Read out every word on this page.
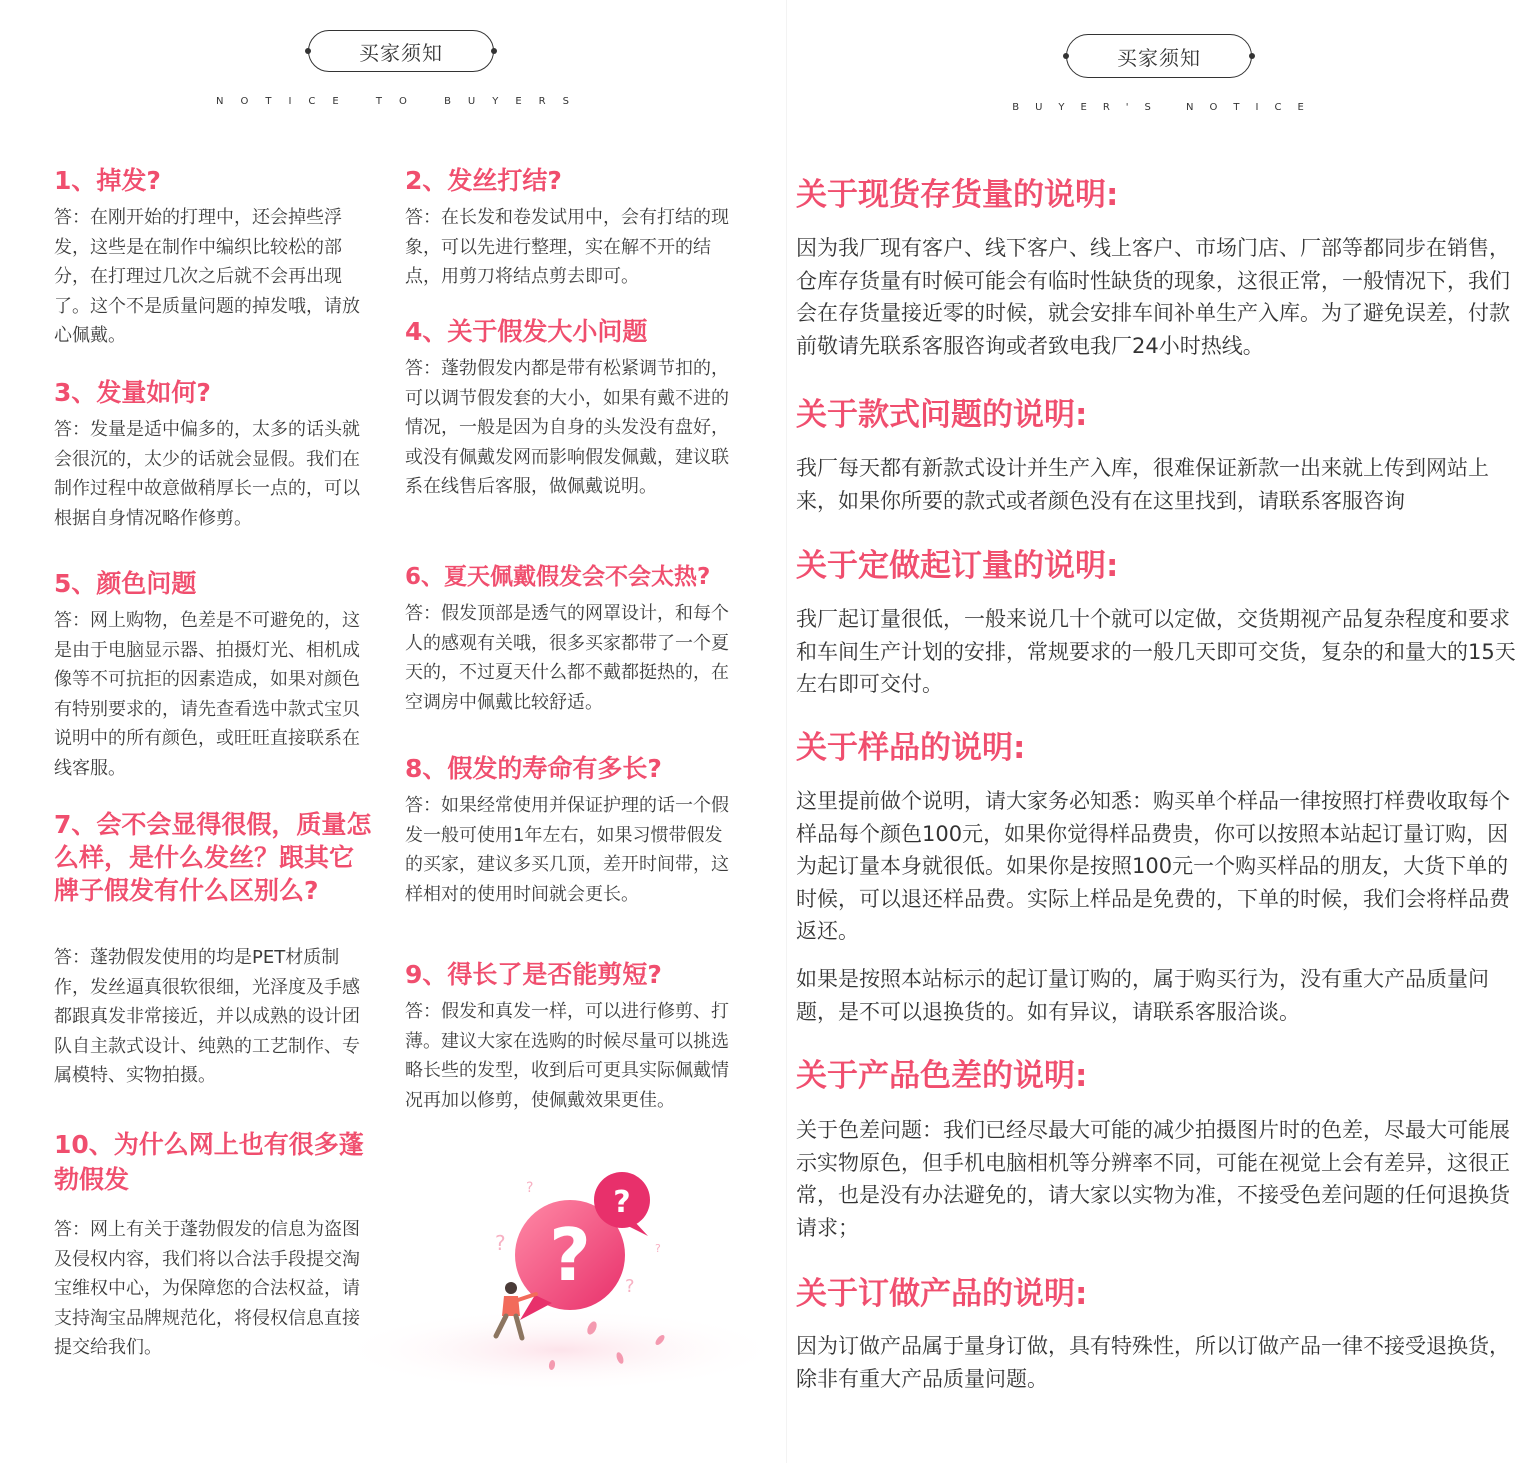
买家须知
NOTICE TO BUYERS
1、掉发?

答：在刚开始的打理中，还会掉些浮发，这些是在制作中编织比较松的部分，在打理过几次之后就不会再出现了。这个不是质量问题的掉发哦，请放心佩戴。

3、发量如何?

答：发量是适中偏多的，太多的话头就会很沉的，太少的话就会显假。我们在制作过程中故意做稍厚长一点的，可以根据自身情况略作修剪。

5、颜色问题

答：网上购物，色差是不可避免的，这是由于电脑显示器、拍摄灯光、相机成像等不可抗拒的因素造成，如果对颜色有特别要求的，请先查看选中款式宝贝说明中的所有颜色，或旺旺直接联系在线客服。

7、会不会显得很假，质量怎么样，是什么发丝？跟其它牌子假发有什么区别么?

答：蓬勃假发使用的均是PET材质制作，发丝逼真很软很细，光泽度及手感都跟真发非常接近，并以成熟的设计团队自主款式设计、纯熟的工艺制作、专属模特、实物拍摄。

10、为什么网上也有很多蓬勃假发

答：网上有关于蓬勃假发的信息为盗图及侵权内容，我们将以合法手段提交淘宝维权中心，为保障您的合法权益，请支持淘宝品牌规范化，将侵权信息直接提交给我们。

2、发丝打结?

答：在长发和卷发试用中，会有打结的现象，可以先进行整理，实在解不开的结点，用剪刀将结点剪去即可。

4、关于假发大小问题

答：蓬勃假发内都是带有松紧调节扣的，可以调节假发套的大小，如果有戴不进的情况，一般是因为自身的头发没有盘好，或没有佩戴发网而影响假发佩戴，建议联系在线售后客服，做佩戴说明。

6、夏天佩戴假发会不会太热?

答：假发顶部是透气的网罩设计，和每个人的感观有关哦，很多买家都带了一个夏天的，不过夏天什么都不戴都挺热的，在空调房中佩戴比较舒适。

8、假发的寿命有多长?

答：如果经常使用并保证护理的话一个假发一般可使用1年左右，如果习惯带假发的买家，建议多买几顶，差开时间带，这样相对的使用时间就会更长。

9、得长了是否能剪短?

答：假发和真发一样，可以进行修剪、打薄。建议大家在选购的时候尽量可以挑选略长些的发型，收到后可更具实际佩戴情况再加以修剪，使佩戴效果更佳。

?
?
?
?
?
?
买家须知
BUYER'S NOTICE
关于现货存货量的说明:

因为我厂现有客户、线下客户、线上客户、市场门店、厂部等都同步在销售，仓库存货量有时候可能会有临时性缺货的现象，这很正常，一般情况下，我们会在存货量接近零的时候，就会安排车间补单生产入库。为了避免误差，付款前敬请先联系客服咨询或者致电我厂24小时热线。

关于款式问题的说明:

我厂每天都有新款式设计并生产入库，很难保证新款一出来就上传到网站上来，如果你所要的款式或者颜色没有在这里找到，请联系客服咨询

关于定做起订量的说明:

我厂起订量很低，一般来说几十个就可以定做，交货期视产品复杂程度和要求和车间生产计划的安排，常规要求的一般几天即可交货，复杂的和量大的15天左右即可交付。

关于样品的说明:

这里提前做个说明，请大家务必知悉：购买单个样品一律按照打样费收取每个样品每个颜色100元，如果你觉得样品费贵，你可以按照本站起订量订购，因为起订量本身就很低。如果你是按照100元一个购买样品的朋友，大货下单的时候，可以退还样品费。实际上样品是免费的，下单的时候，我们会将样品费返还。

如果是按照本站标示的起订量订购的，属于购买行为，没有重大产品质量问题，是不可以退换货的。如有异议，请联系客服洽谈。

关于产品色差的说明:

关于色差问题：我们已经尽最大可能的减少拍摄图片时的色差，尽最大可能展示实物原色，但手机电脑相机等分辨率不同，可能在视觉上会有差异，这很正常，也是没有办法避免的，请大家以实物为准，不接受色差问题的任何退换货请求；

关于订做产品的说明:

因为订做产品属于量身订做，具有特殊性，所以订做产品一律不接受退换货，除非有重大产品质量问题。
